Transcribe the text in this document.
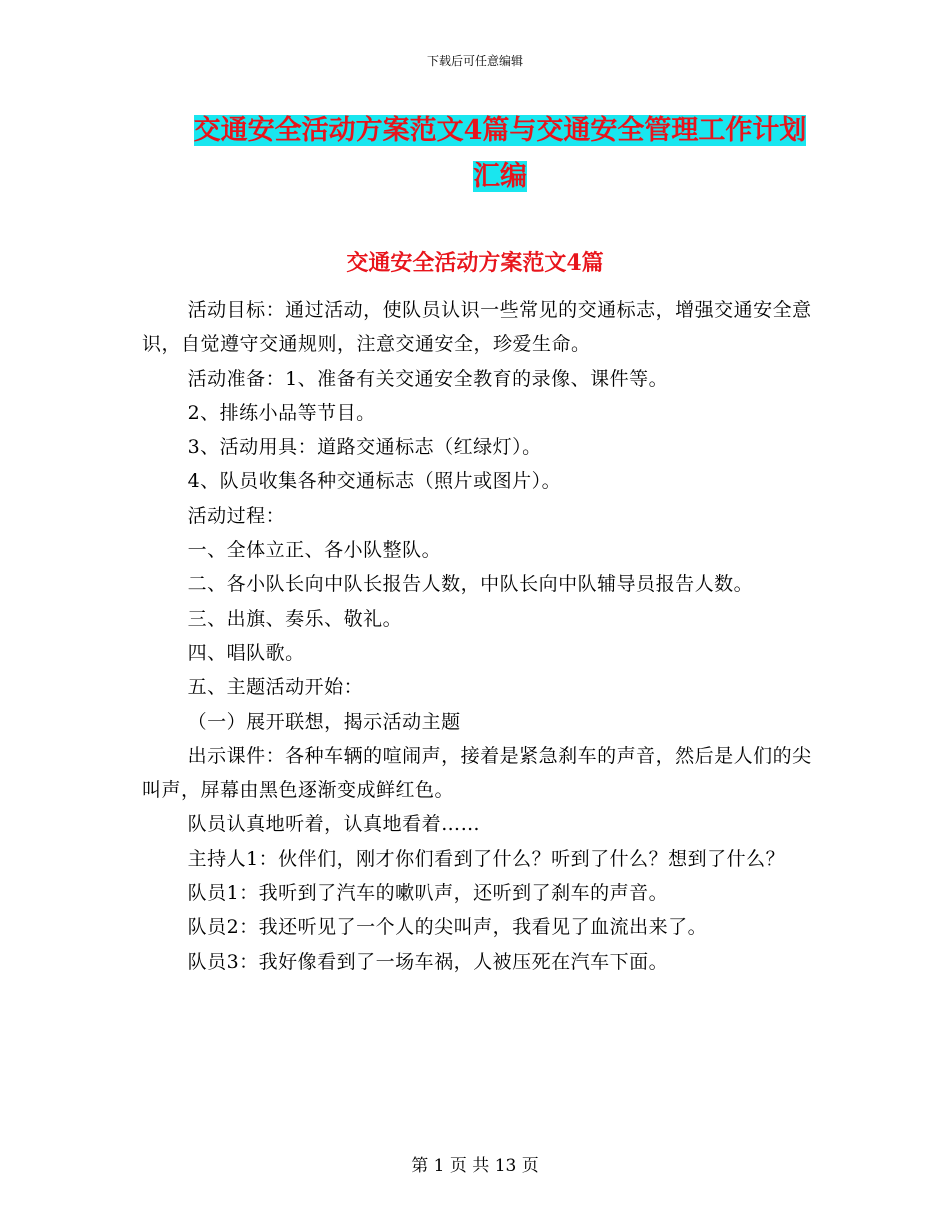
下载后可任意编辑
交通安全活动方案范文4篇与交通安全管理工作计划
汇编
交通安全活动方案范文4篇

活动目标：通过活动，使队员认识一些常见的交通标志，增强交通安全意识，自觉遵守交通规则，注意交通安全，珍爱生命。

活动准备：1、准备有关交通安全教育的录像、课件等。

2、排练小品等节目。

3、活动用具：道路交通标志（红绿灯）。

4、队员收集各种交通标志（照片或图片）。

活动过程：

一、全体立正、各小队整队。

二、各小队长向中队长报告人数，中队长向中队辅导员报告人数。

三、出旗、奏乐、敬礼。

四、唱队歌。

五、主题活动开始：

（一）展开联想，揭示活动主题

出示课件：各种车辆的喧闹声，接着是紧急刹车的声音，然后是人们的尖叫声，屏幕由黑色逐渐变成鲜红色。

队员认真地听着，认真地看着……

主持人1：伙伴们，刚才你们看到了什么？听到了什么？想到了什么？

队员1：我听到了汽车的嗽叭声，还听到了刹车的声音。

队员2：我还听见了一个人的尖叫声，我看见了血流出来了。

队员3：我好像看到了一场车祸，人被压死在汽车下面。

第 1 页 共 13 页
